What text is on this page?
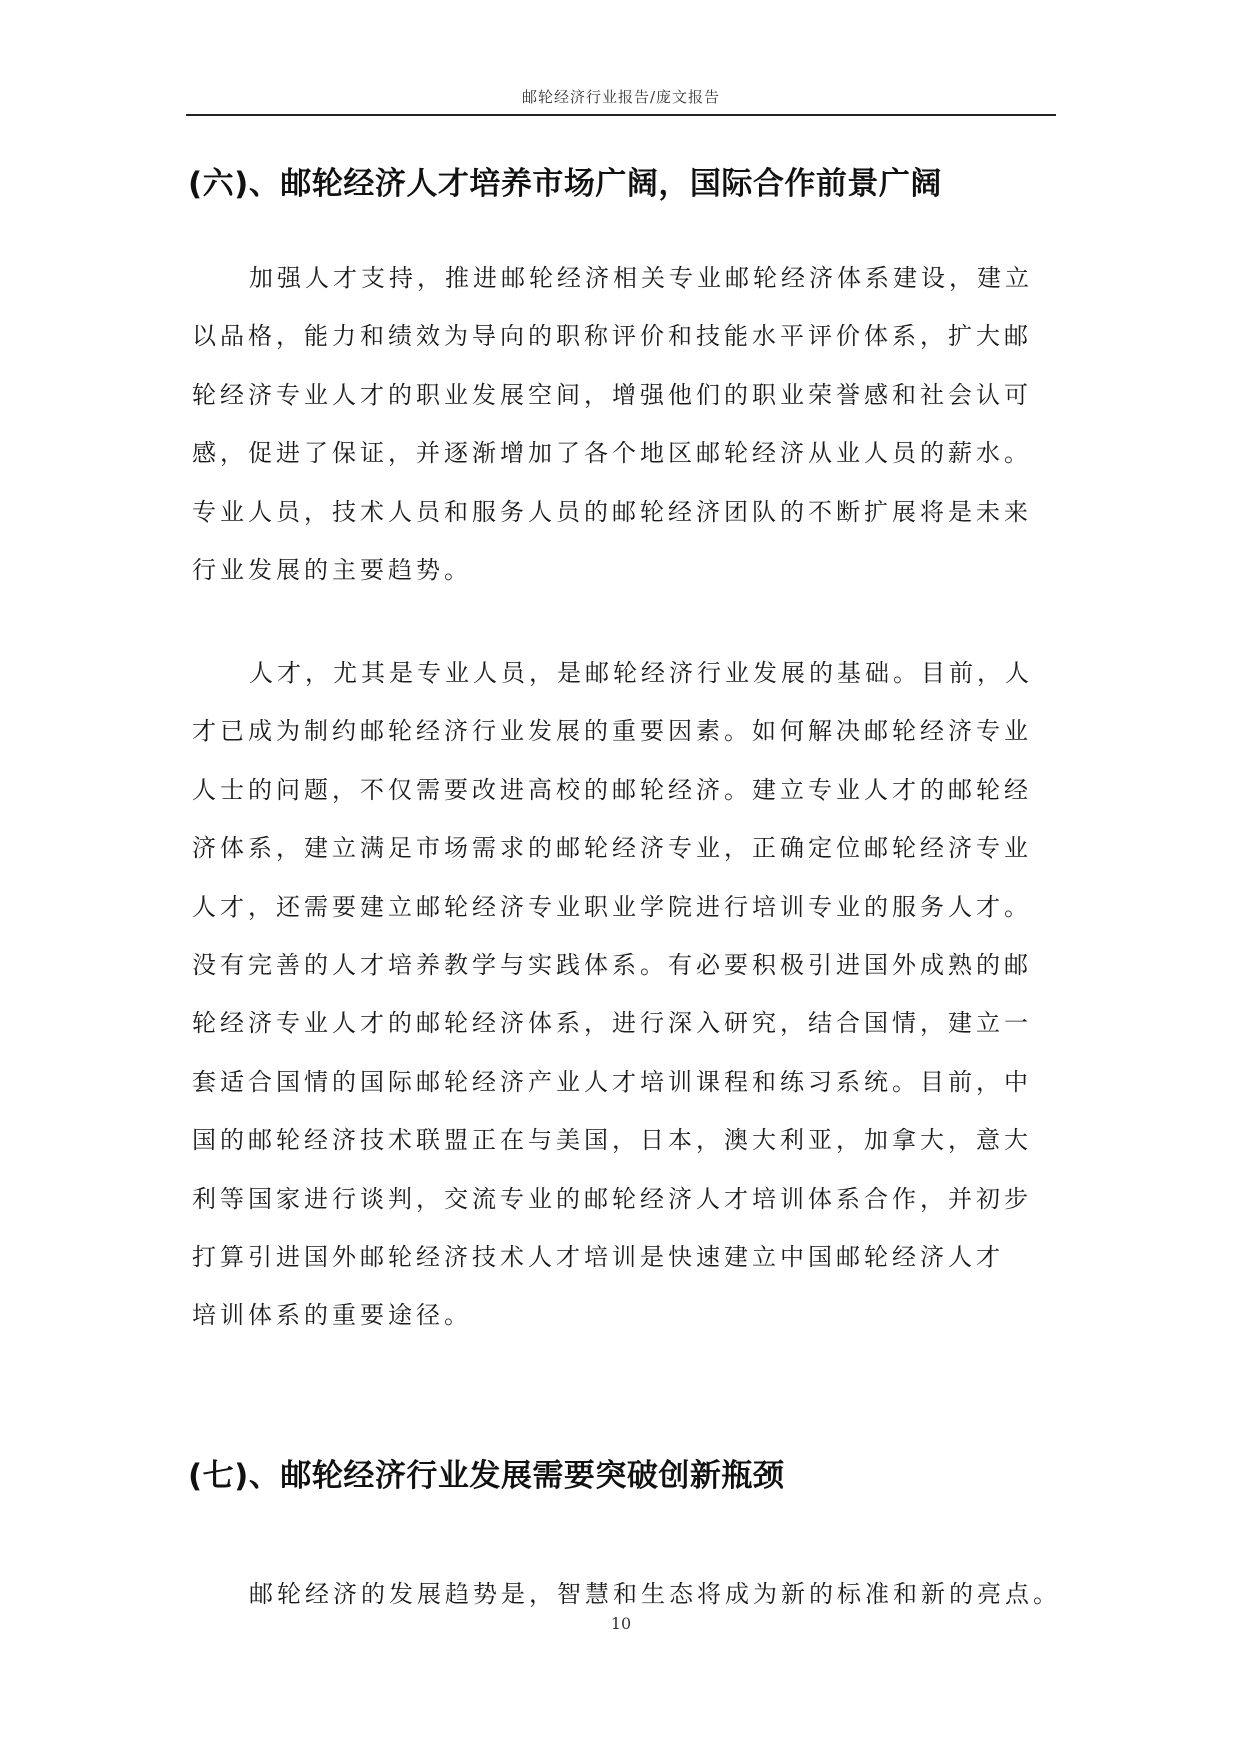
邮轮经济行业报告/庞文报告
(六)、邮轮经济人才培养市场广阔，国际合作前景广阔
加强人才支持，推进邮轮经济相关专业邮轮经济体系建设，建立
以品格，能力和绩效为导向的职称评价和技能水平评价体系，扩大邮
轮经济专业人才的职业发展空间，增强他们的职业荣誉感和社会认可
感，促进了保证，并逐渐增加了各个地区邮轮经济从业人员的薪水。
专业人员，技术人员和服务人员的邮轮经济团队的不断扩展将是未来
行业发展的主要趋势。
人才，尤其是专业人员，是邮轮经济行业发展的基础。目前，人
才已成为制约邮轮经济行业发展的重要因素。如何解决邮轮经济专业
人士的问题，不仅需要改进高校的邮轮经济。建立专业人才的邮轮经
济体系，建立满足市场需求的邮轮经济专业，正确定位邮轮经济专业
人才，还需要建立邮轮经济专业职业学院进行培训专业的服务人才。
没有完善的人才培养教学与实践体系。有必要积极引进国外成熟的邮
轮经济专业人才的邮轮经济体系，进行深入研究，结合国情，建立一
套适合国情的国际邮轮经济产业人才培训课程和练习系统。目前，中
国的邮轮经济技术联盟正在与美国，日本，澳大利亚，加拿大，意大
利等国家进行谈判，交流专业的邮轮经济人才培训体系合作，并初步
打算引进国外邮轮经济技术人才培训是快速建立中国邮轮经济人才
培训体系的重要途径。
(七)、邮轮经济行业发展需要突破创新瓶颈
邮轮经济的发展趋势是，智慧和生态将成为新的标准和新的亮点。
10
